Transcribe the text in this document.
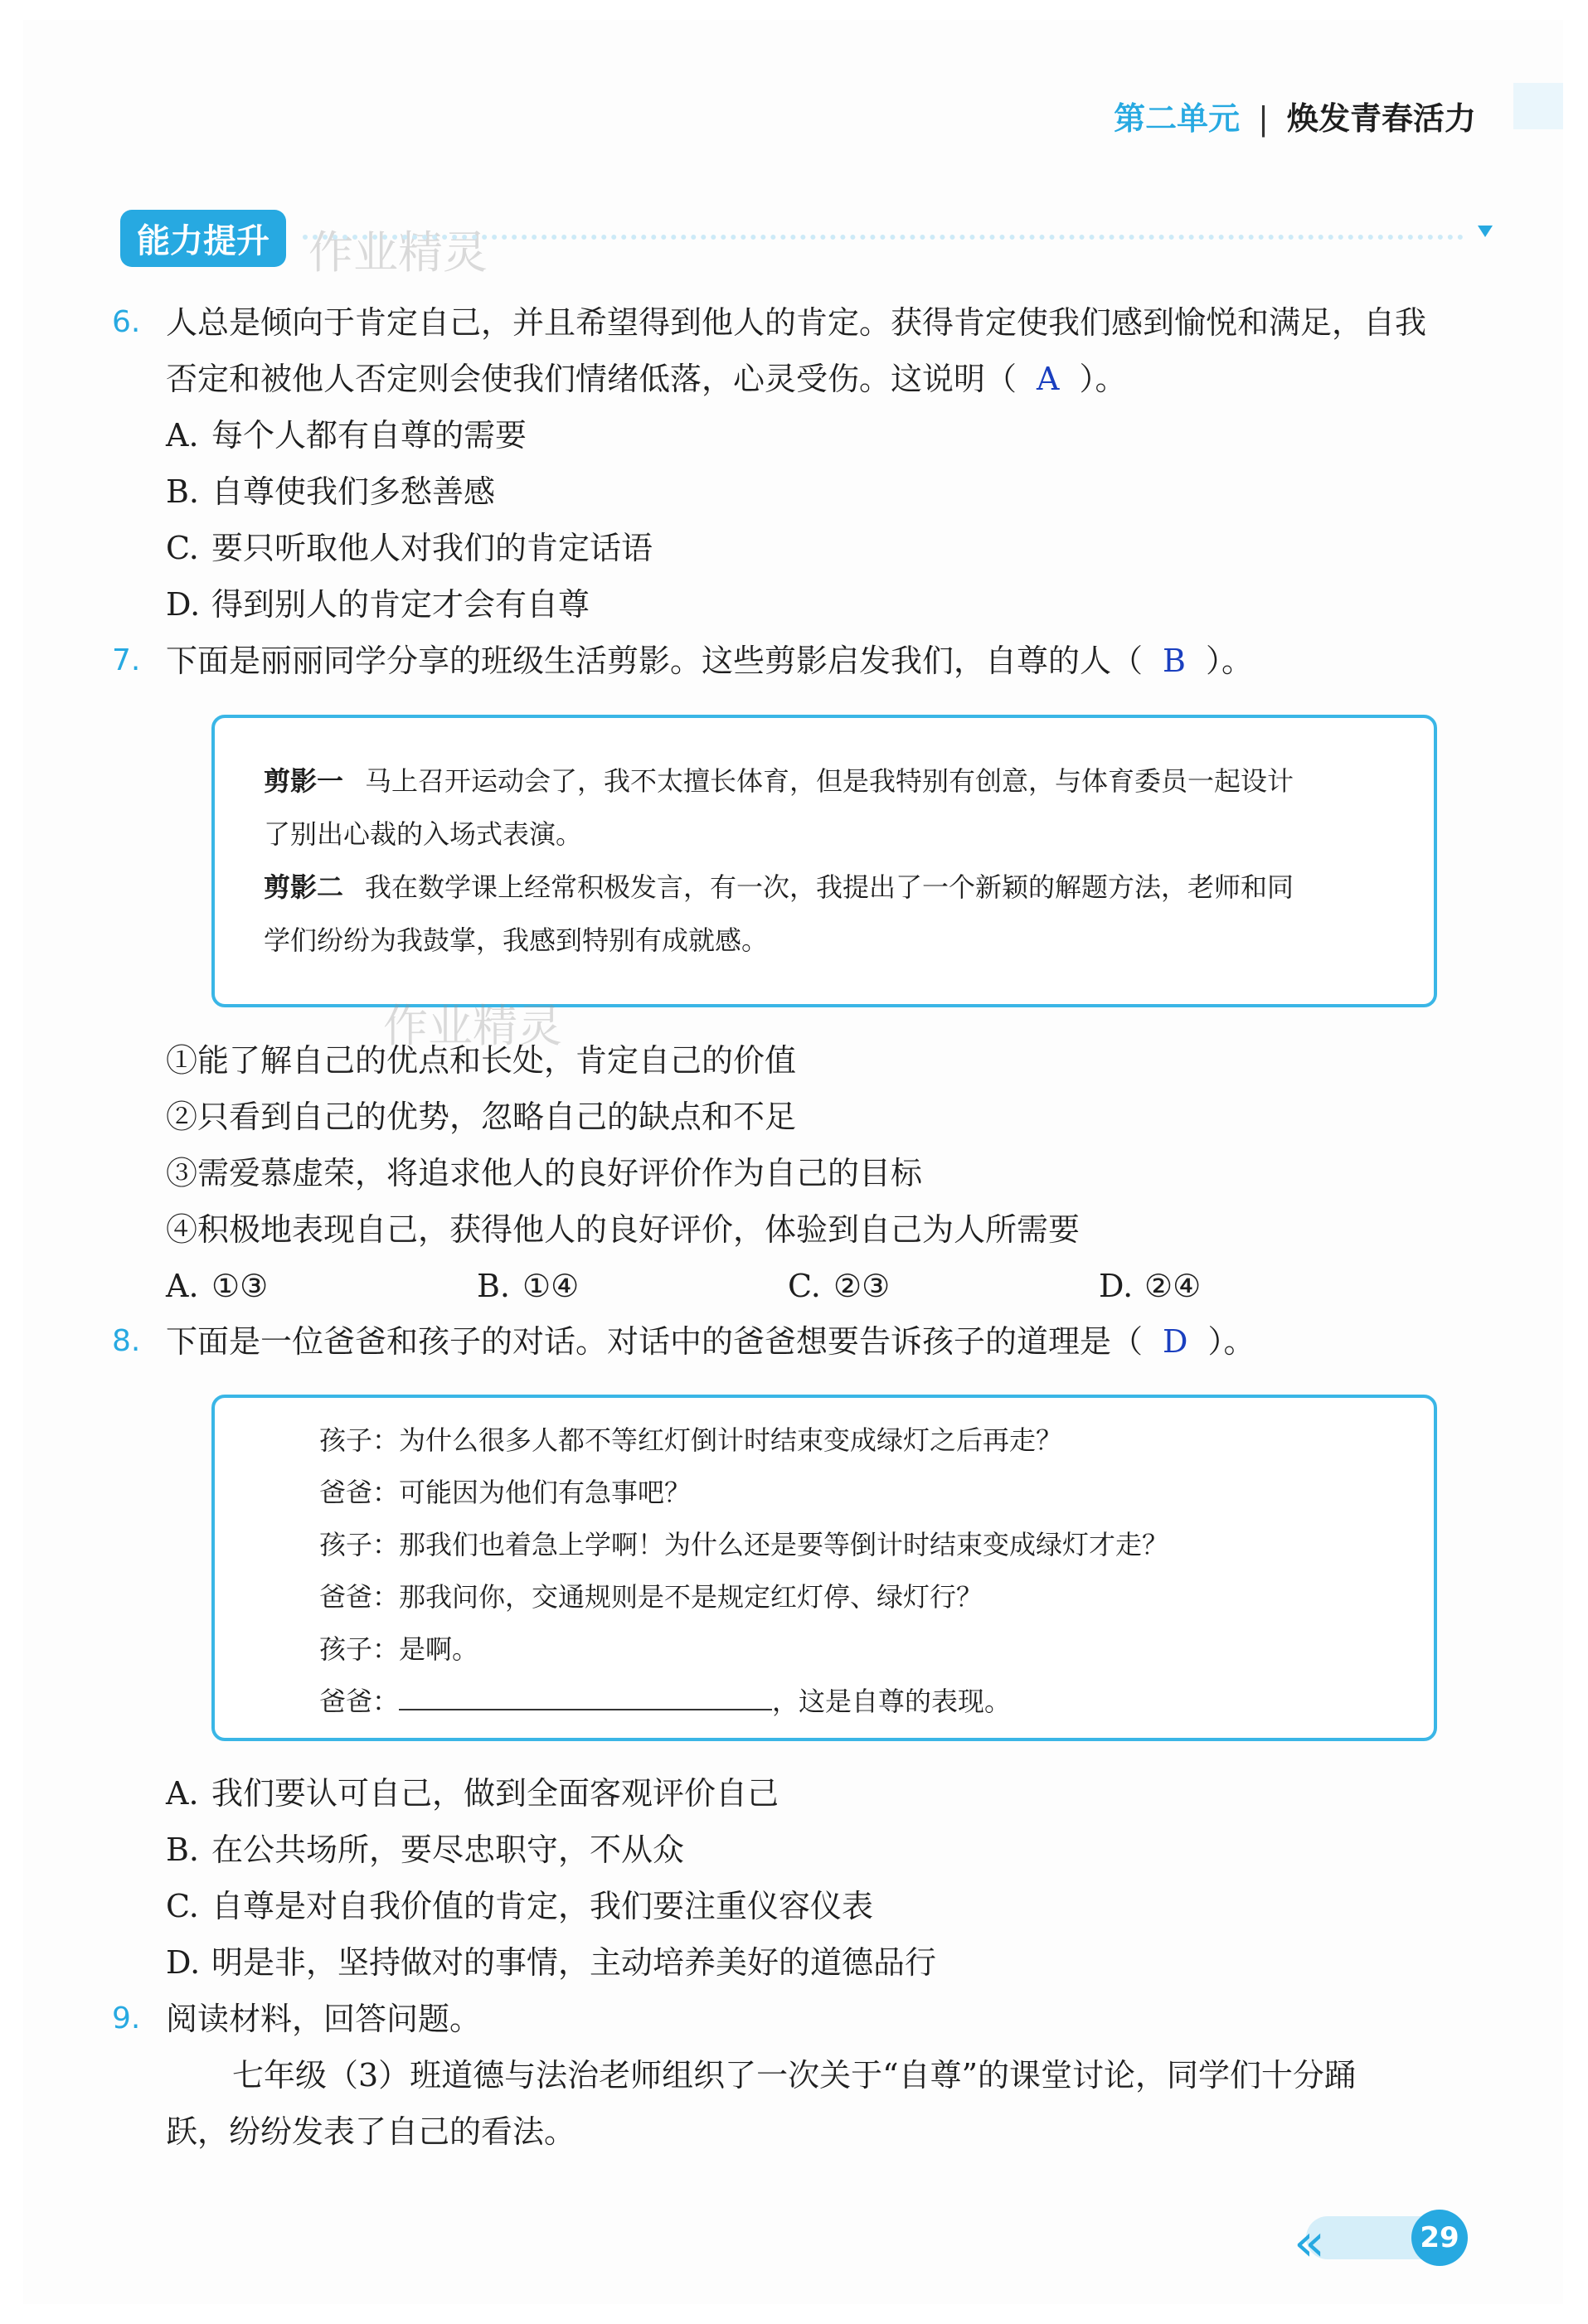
第二单元 | 焕发青春活力
能力提升 作业精灵
6. 人总是倾向于肯定自己，并且希望得到他人的肯定。获得肯定使我们感到愉悦和满足，自我
否定和被他人否定则会使我们情绪低落，心灵受伤。这说明（ A ）。
A. 每个人都有自尊的需要
B. 自尊使我们多愁善感
C. 要只听取他人对我们的肯定话语
D. 得到别人的肯定才会有自尊
7. 下面是丽丽同学分享的班级生活剪影。这些剪影启发我们，自尊的人（ B ）。
剪影一 马上召开运动会了，我不太擅长体育，但是我特别有创意，与体育委员一起设计
了别出心裁的入场式表演。
剪影二 我在数学课上经常积极发言，有一次，我提出了一个新颖的解题方法，老师和同
学们纷纷为我鼓掌，我感到特别有成就感。
作业精灵
①能了解自己的优点和长处，肯定自己的价值
②只看到自己的优势，忽略自己的缺点和不足
③需爱慕虚荣，将追求他人的良好评价作为自己的目标
④积极地表现自己，获得他人的良好评价，体验到自己为人所需要
A. ①③	B. ①④	C. ②③	D. ②④
8. 下面是一位爸爸和孩子的对话。对话中的爸爸想要告诉孩子的道理是（ D ）。
孩子：为什么很多人都不等红灯倒计时结束变成绿灯之后再走？
爸爸：可能因为他们有急事吧？
孩子：那我们也着急上学啊！为什么还是要等倒计时结束变成绿灯才走？
爸爸：那我问你，交通规则是不是规定红灯停、绿灯行？
孩子：是啊。
爸爸：	，这是自尊的表现。
A. 我们要认可自己，做到全面客观评价自己
B. 在公共场所，要尽忠职守，不从众
C. 自尊是对自我价值的肯定，我们要注重仪容仪表
D. 明是非，坚持做对的事情，主动培养美好的道德品行
9. 阅读材料，回答问题。
七年级（3）班道德与法治老师组织了一次关于“自尊”的课堂讨论，同学们十分踊
跃，纷纷发表了自己的看法。
«	29
